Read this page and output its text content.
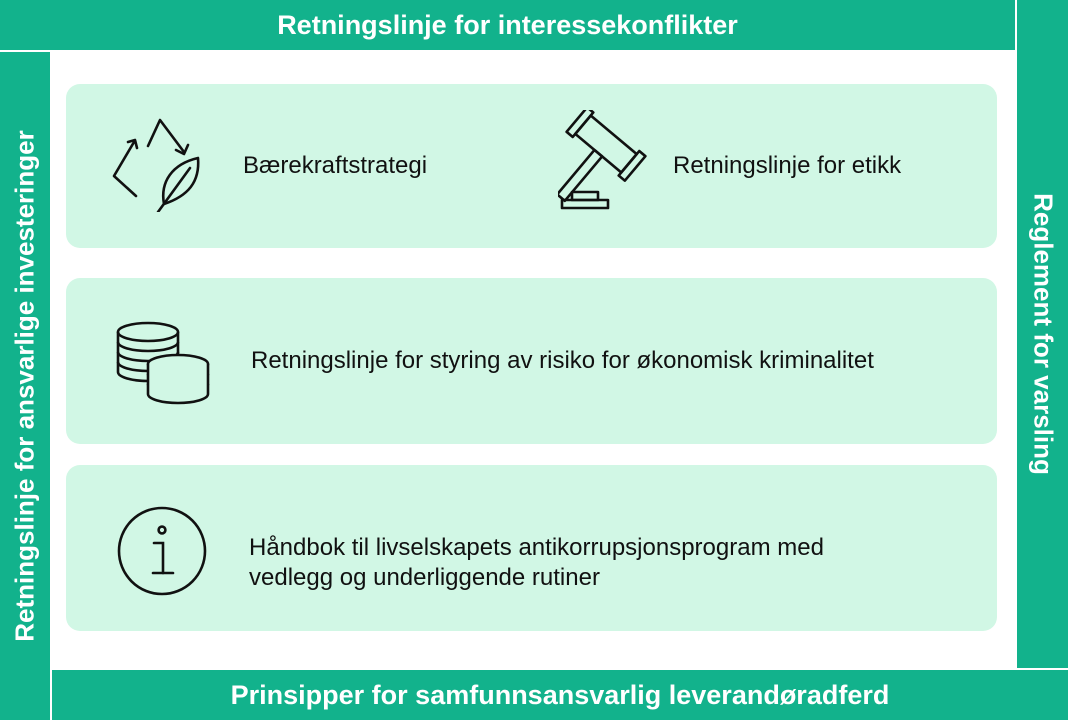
Retningslinje for interessekonflikter
Reglement for varsling
Retningslinje for ansvarlige investeringer
Prinsipper for samfunnsansvarlig leverandøradferd
Bærekraftstrategi	Retningslinje for etikk
Retningslinje for styring av risiko for økonomisk kriminalitet
Håndbok til livselskapets antikorrupsjonsprogram med
vedlegg og underliggende rutiner
